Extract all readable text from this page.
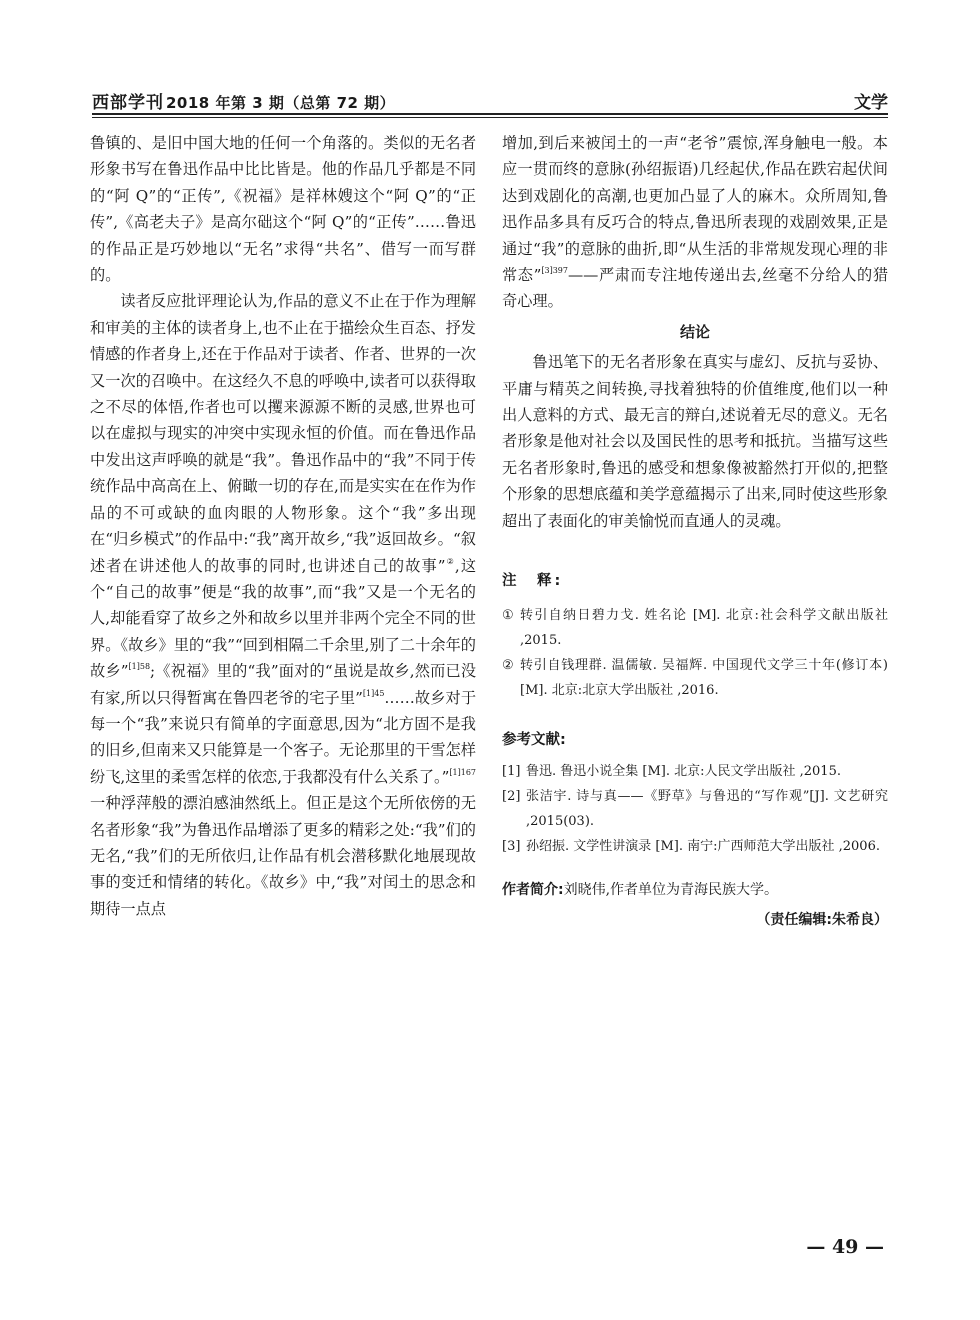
西部学刊 2018 年第 3 期（总第 72 期）	文学

鲁镇的、是旧中国大地的任何一个角落的。类似的无名者形象书写在鲁迅作品中比比皆是。他的作品几乎都是不同的“阿 Q”的“正传”,《祝福》是祥林嫂这个“阿 Q”的“正传”,《高老夫子》是高尔础这个“阿 Q”的“正传”……鲁迅的作品正是巧妙地以“无名”求得“共名”、借写一而写群的。

读者反应批评理论认为,作品的意义不止在于作为理解和审美的主体的读者身上,也不止在于描绘众生百态、抒发情感的作者身上,还在于作品对于读者、作者、世界的一次又一次的召唤中。在这经久不息的呼唤中,读者可以获得取之不尽的体悟,作者也可以攫来源源不断的灵感,世界也可以在虚拟与现实的冲突中实现永恒的价值。而在鲁迅作品中发出这声呼唤的就是“我”。鲁迅作品中的“我”不同于传统作品中高高在上、俯瞰一切的存在,而是实实在在作为作品的不可或缺的血肉眼的人物形象。这个“我”多出现在“归乡模式”的作品中:“我”离开故乡,“我”返回故乡。“叙述者在讲述他人的故事的同时,也讲述自己的故事”②,这个“自己的故事”便是“我的故事”,而“我”又是一个无名的人,却能看穿了故乡之外和故乡以里并非两个完全不同的世界。《故乡》里的“我”“回到相隔二千余里,别了二十余年的故乡”$^{[1]58}$;《祝福》里的“我”面对的“虽说是故乡,然而已没有家,所以只得暂寓在鲁四老爷的宅子里”$^{[1]45}$……故乡对于每一个“我”来说只有简单的字面意思,因为“北方固不是我的旧乡,但南来又只能算是一个客子。无论那里的干雪怎样纷飞,这里的柔雪怎样的依恋,于我都没有什么关系了。”$^{[1]167}$一种浮萍般的漂泊感油然纸上。但正是这个无所依傍的无名者形象“我”为鲁迅作品增添了更多的精彩之处:“我”们的无名,“我”们的无所依归,让作品有机会潜移默化地展现故事的变迁和情绪的转化。《故乡》中,“我”对闰土的思念和期待一点点

增加,到后来被闰土的一声“老爷”震惊,浑身触电一般。本应一贯而终的意脉(孙绍振语)几经起伏,作品在跌宕起伏间达到戏剧化的高潮,也更加凸显了人的麻木。众所周知,鲁迅作品多具有反巧合的特点,鲁迅所表现的戏剧效果,正是通过“我”的意脉的曲折,即“从生活的非常规发现心理的非常态”$^{[3]397}$——严肃而专注地传递出去,丝毫不分给人的猎奇心理。

结论

鲁迅笔下的无名者形象在真实与虚幻、反抗与妥协、平庸与精英之间转换,寻找着独特的价值维度,他们以一种出人意料的方式、最无言的辩白,述说着无尽的意义。无名者形象是他对社会以及国民性的思考和抵抗。当描写这些无名者形象时,鲁迅的感受和想象像被豁然打开似的,把整个形象的思想底蕴和美学意蕴揭示了出来,同时使这些形象超出了表面化的审美愉悦而直通人的灵魂。

注　释:
① 转引自纳日碧力戈. 姓名论 [M]. 北京:社会科学文献出版社 ,2015.
② 转引自钱理群. 温儒敏. 吴福辉. 中国现代文学三十年(修订本)[M]. 北京:北京大学出版社 ,2016.
参考文献:
[1] 鲁迅. 鲁迅小说全集 [M]. 北京:人民文学出版社 ,2015.
[2] 张洁宇. 诗与真——《野草》与鲁迅的“写作观”[J]. 文艺研究 ,2015(03).
[3] 孙绍振. 文学性讲演录 [M]. 南宁:广西师范大学出版社 ,2006.
作者简介:刘晓伟,作者单位为青海民族大学。
（责任编辑:朱希良）
— 49 —
